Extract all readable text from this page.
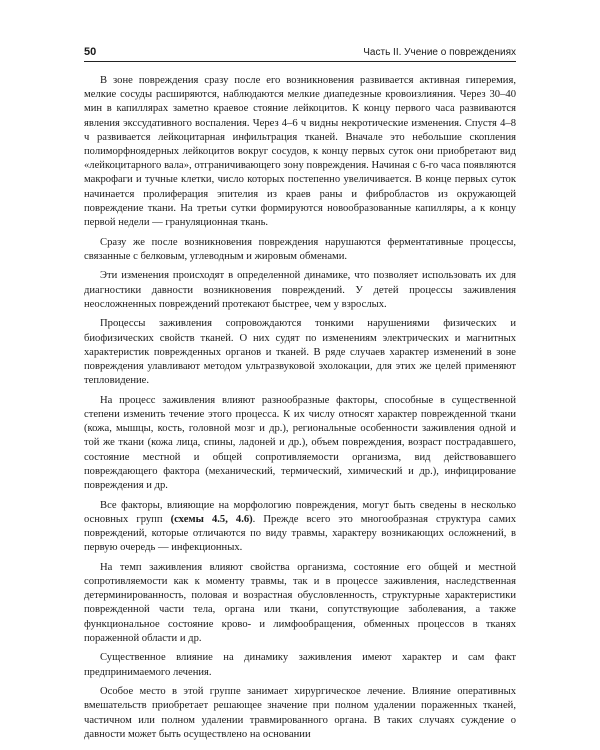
50	Часть II. Учение о повреждениях

В зоне повреждения сразу после его возникновения развивается активная гиперемия, мелкие сосуды расширяются, наблюдаются мелкие диапедезные кровоизлияния. Через 30–40 мин в капиллярах заметно краевое стояние лейкоцитов. К концу первого часа развиваются явления экссудативного воспаления. Через 4–6 ч видны некротические изменения. Спустя 4–8 ч развивается лейкоцитарная инфильтрация тканей. Вначале это небольшие скопления полиморфноядерных лейкоцитов вокруг сосудов, к концу первых суток они приобретают вид «лейкоцитарного вала», отграничивающего зону повреждения. Начиная с 6-го часа появляются макрофаги и тучные клетки, число которых постепенно увеличивается. В конце первых суток начинается пролиферация эпителия из краев раны и фибробластов из окружающей повреждение ткани. На третьи сутки формируются новообразованные капилляры, а к концу первой недели — грануляционная ткань.

Сразу же после возникновения повреждения нарушаются ферментативные процессы, связанные с белковым, углеводным и жировым обменами.

Эти изменения происходят в определенной динамике, что позволяет использовать их для диагностики давности возникновения повреждений. У детей процессы заживления неосложненных повреждений протекают быстрее, чем у взрослых.

Процессы заживления сопровождаются тонкими нарушениями физических и биофизических свойств тканей. О них судят по изменениям электрических и магнитных характеристик поврежденных органов и тканей. В ряде случаев характер изменений в зоне повреждения улавливают методом ультразвуковой эхолокации, для этих же целей применяют тепловидение.

На процесс заживления влияют разнообразные факторы, способные в существенной степени изменить течение этого процесса. К их числу относят характер поврежденной ткани (кожа, мышцы, кость, головной мозг и др.), региональные особенности заживления одной и той же ткани (кожа лица, спины, ладоней и др.), объем повреждения, возраст пострадавшего, состояние местной и общей сопротивляемости организма, вид действовавшего повреждающего фактора (механический, термический, химический и др.), инфицирование повреждения и др.

Все факторы, влияющие на морфологию повреждения, могут быть сведены в несколько основных групп (схемы 4.5, 4.6). Прежде всего это многообразная структура самих повреждений, которые отличаются по виду травмы, характеру возникающих осложнений, в первую очередь — инфекционных.

На темп заживления влияют свойства организма, состояние его общей и местной сопротивляемости как к моменту травмы, так и в процессе заживления, наследственная детерминированность, половая и возрастная обусловленность, структурные характеристики поврежденной части тела, органа или ткани, сопутствующие заболевания, а также функциональное состояние крово- и лимфообращения, обменных процессов в тканях пораженной области и др.

Существенное влияние на динамику заживления имеют характер и сам факт предпринимаемого лечения.

Особое место в этой группе занимает хирургическое лечение. Влияние оперативных вмешательств приобретает решающее значение при полном удалении пораженных тканей, частичном или полном удалении травмированного органа. В таких случаях суждение о давности может быть осуществлено на основании
